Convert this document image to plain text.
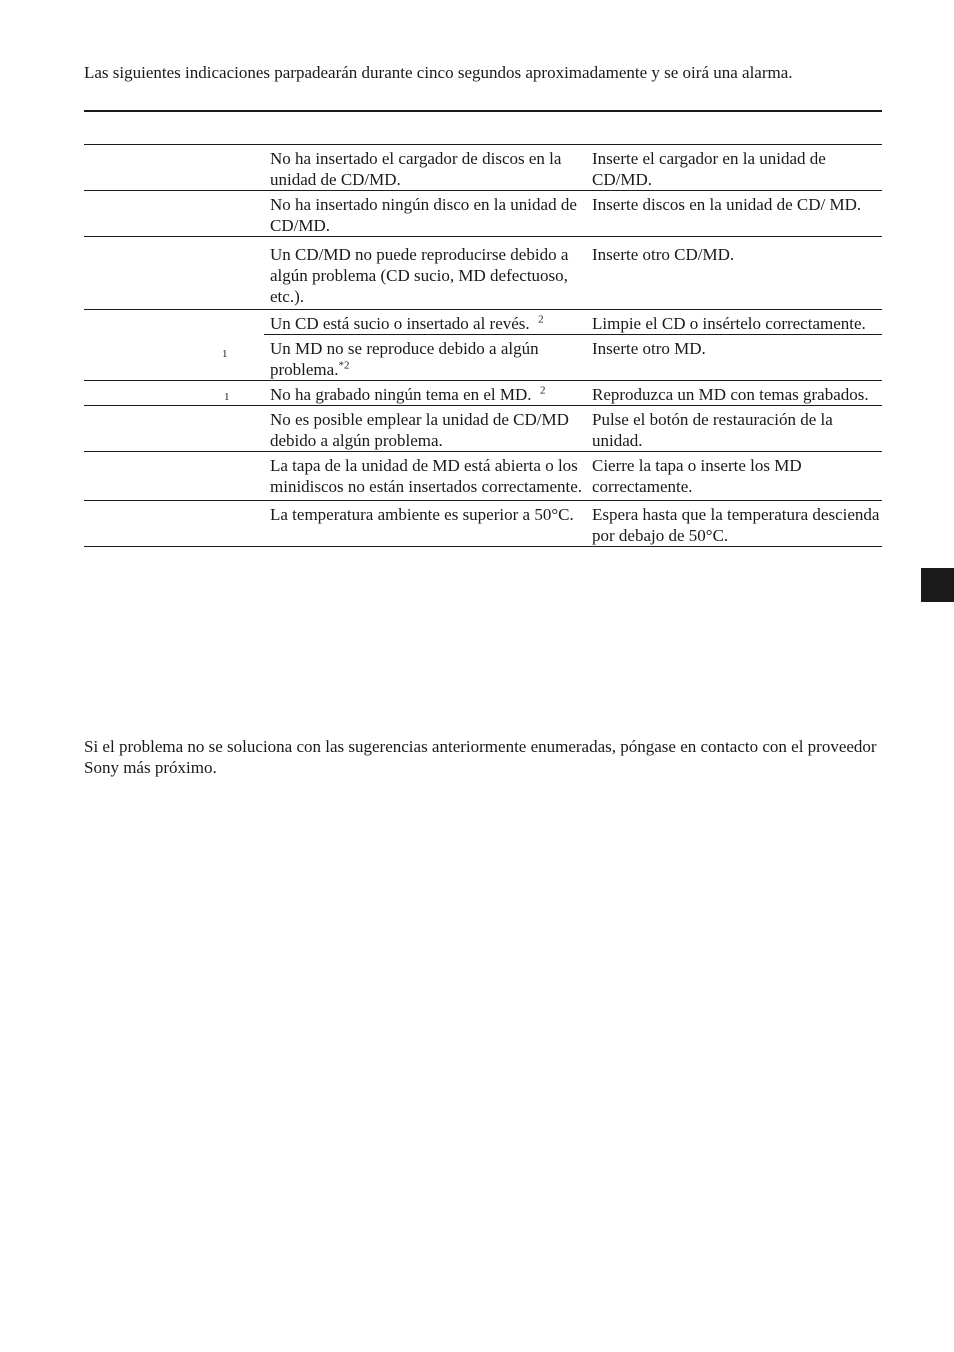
Las siguientes indicaciones parpadearán durante cinco segundos aproximadamente y se oirá una alarma.

	No ha insertado el cargador de discos en la unidad de CD/MD.	Inserte el cargador en la unidad de CD/MD.
	No ha insertado ningún disco en la unidad de CD/MD.	Inserte discos en la unidad de CD/ MD.
	Un CD/MD no puede reproducirse debido a algún problema (CD sucio, MD defectuoso, etc.).	Inserte otro CD/MD.

1	Un CD está sucio o insertado al revés. $^2$	Limpie el CD o insértelo correctamente.
	Un MD no se reproduce debido a algún problema.$^{*2}$	Inserte otro MD.

1	No ha grabado ningún tema en el MD. $^2$	Reproduzca un MD con temas grabados.
	No es posible emplear la unidad de CD/MD debido a algún problema.	Pulse el botón de restauración de la unidad.
	La tapa de la unidad de MD está abierta o los minidiscos no están insertados correctamente.	Cierre la tapa o inserte los MD correctamente.
	La temperatura ambiente es superior a 50°C.	Espera hasta que la temperatura descienda por debajo de 50°C.

Si el problema no se soluciona con las sugerencias anteriormente enumeradas, póngase en contacto con el proveedor Sony más próximo.
